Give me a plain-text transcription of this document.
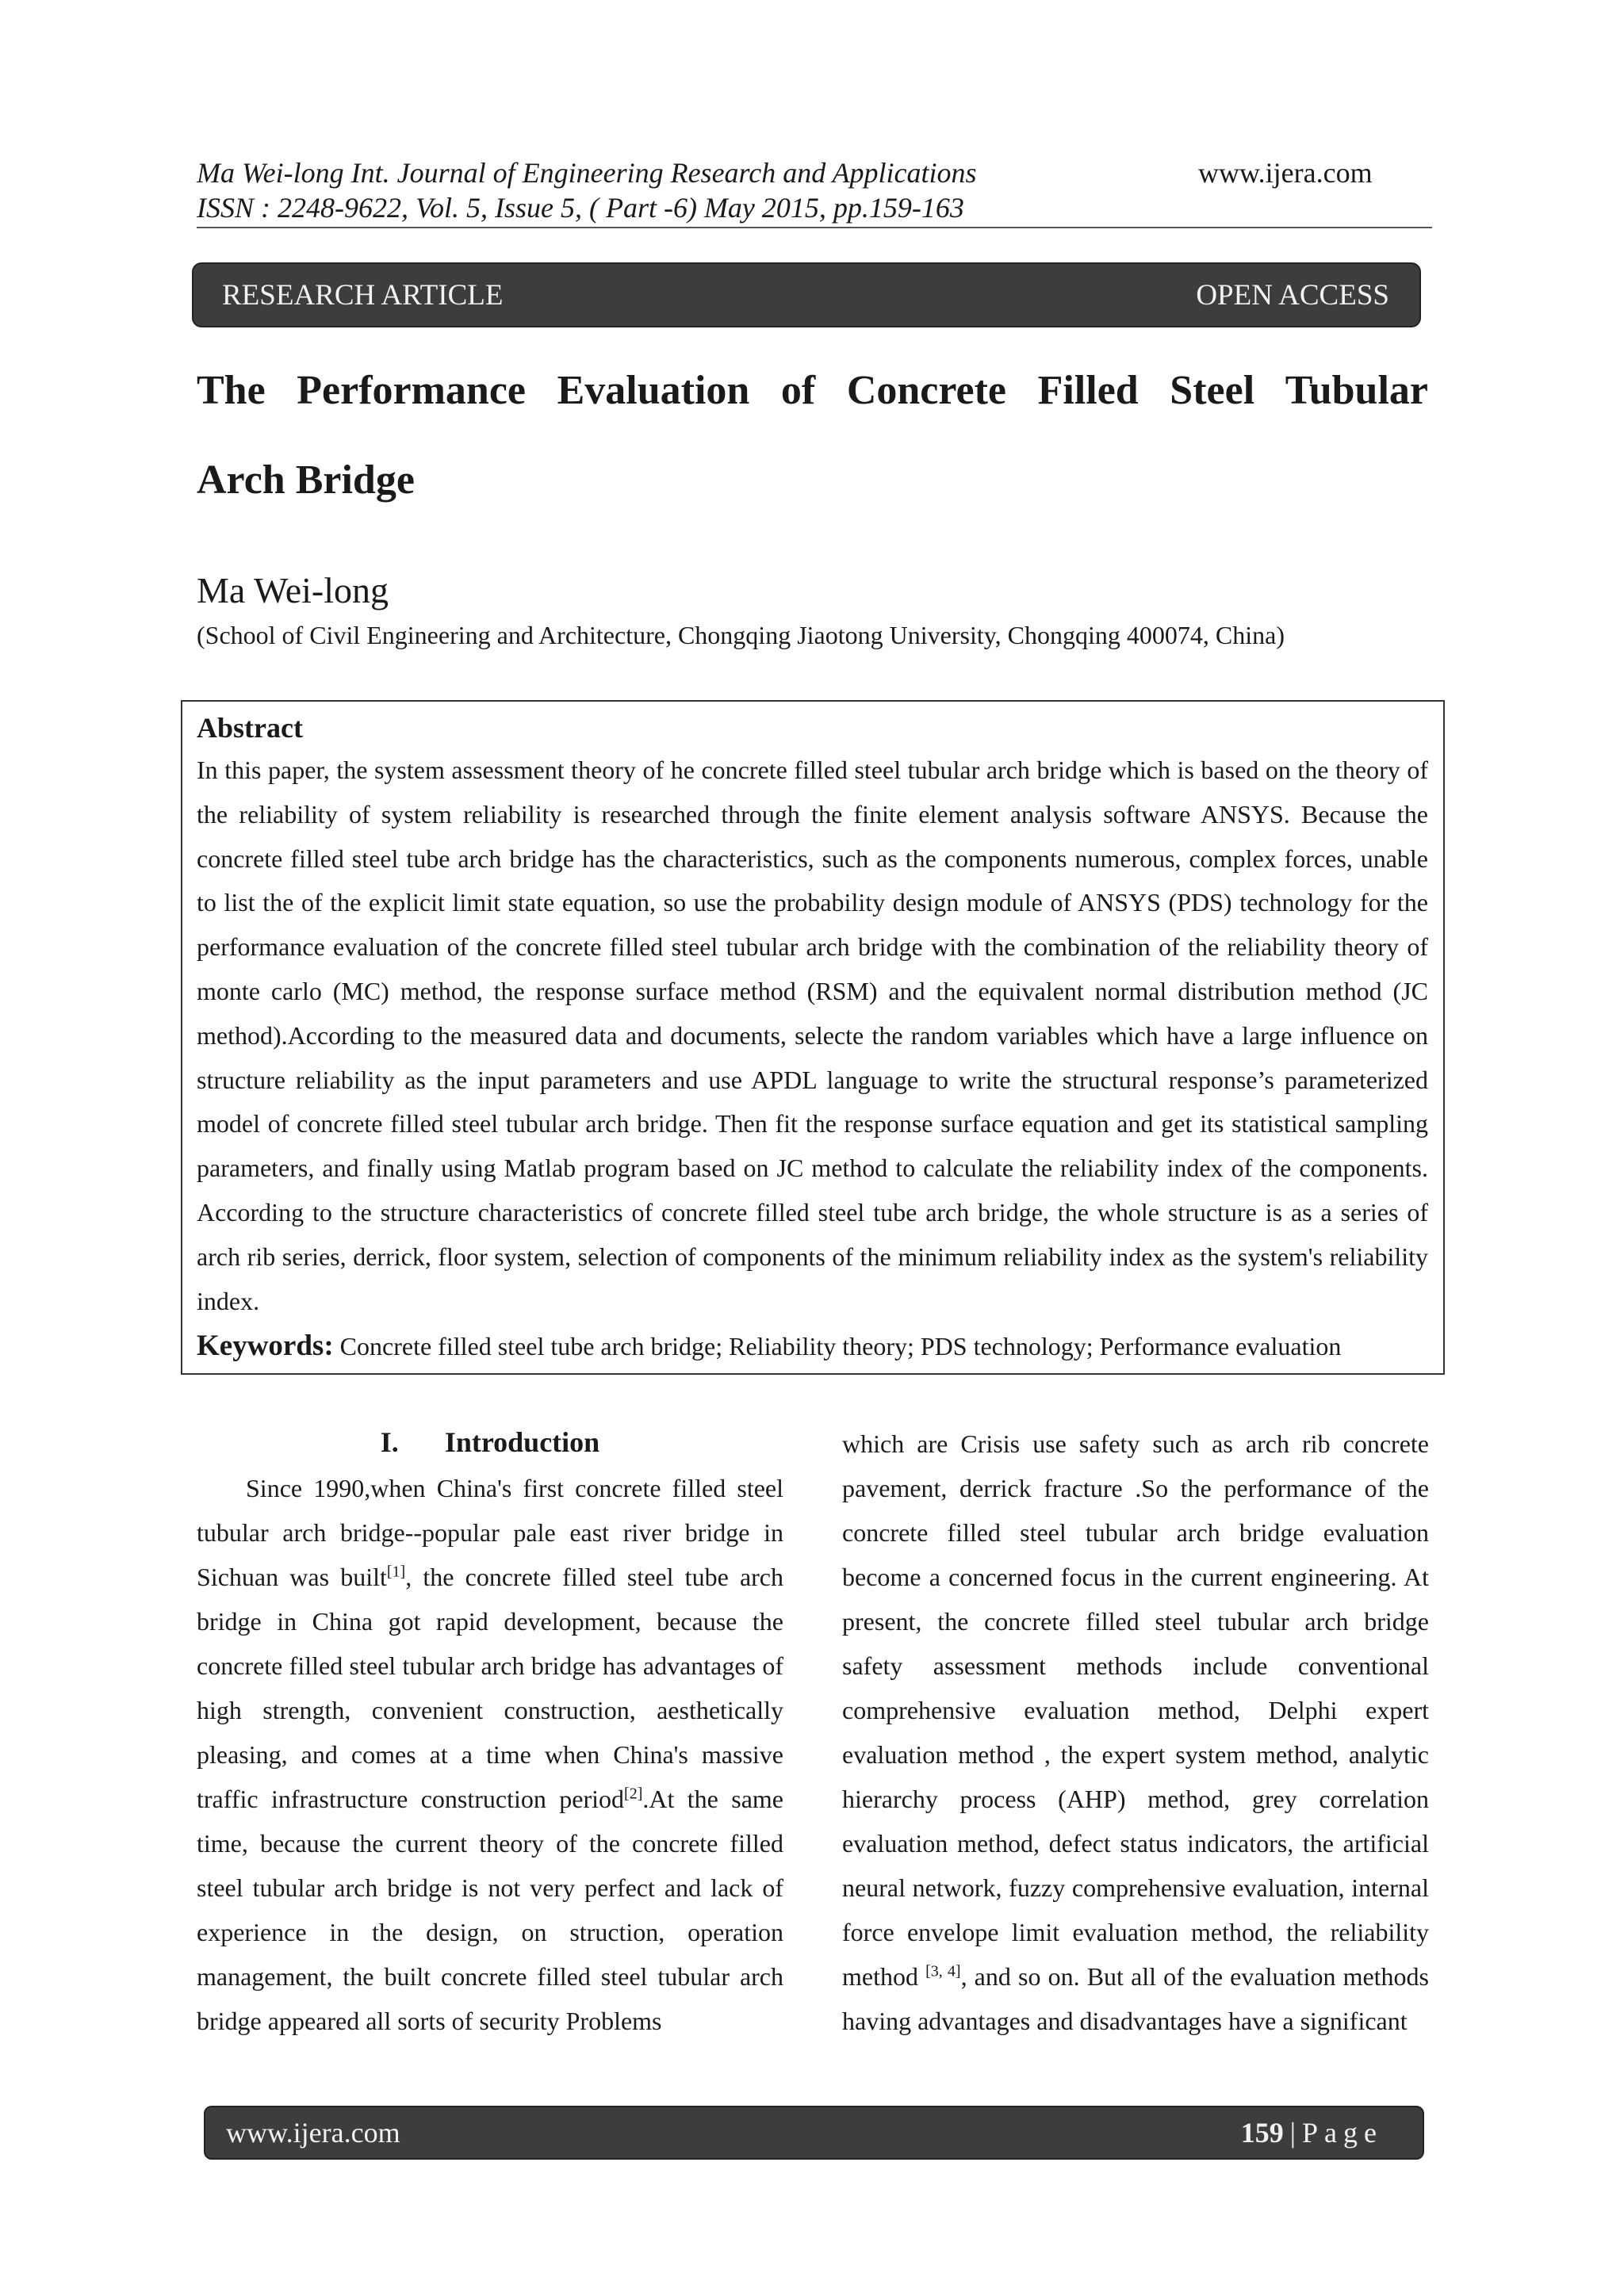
Ma Wei-long Int. Journal of Engineering Research and Applications
ISSN : 2248-9622, Vol. 5, Issue 5, ( Part -6) May 2015, pp.159-163
www.ijera.com
RESEARCH ARTICLE	OPEN ACCESS
The Performance Evaluation of Concrete Filled Steel Tubular
Arch Bridge
Ma Wei-long
(School of Civil Engineering and Architecture, Chongqing Jiaotong University, Chongqing 400074, China)
Abstract

In this paper, the system assessment theory of he concrete filled steel tubular arch bridge which is based on the theory of the reliability of system reliability is researched through the finite element analysis software ANSYS. Because the concrete filled steel tube arch bridge has the characteristics, such as the components numerous, complex forces, unable to list the of the explicit limit state equation, so use the probability design module of ANSYS (PDS) technology for the performance evaluation of the concrete filled steel tubular arch bridge with the combination of the reliability theory of monte carlo (MC) method, the response surface method (RSM) and the equivalent normal distribution method (JC method).According to the measured data and documents, selecte the random variables which have a large influence on structure reliability as the input parameters and use APDL language to write the structural response’s parameterized model of concrete filled steel tubular arch bridge. Then fit the response surface equation and get its statistical sampling parameters, and finally using Matlab program based on JC method to calculate the reliability index of the components. According to the structure characteristics of concrete filled steel tube arch bridge, the whole structure is as a series of arch rib series, derrick, floor system, selection of components of the minimum reliability index as the system's reliability index.

Keywords: Concrete filled steel tube arch bridge; Reliability theory; PDS technology; Performance evaluation
I. Introduction

Since 1990,when China's first concrete filled steel tubular arch bridge--popular pale east river bridge in Sichuan was built[1], the concrete filled steel tube arch bridge in China got rapid development, because the concrete filled steel tubular arch bridge has advantages of high strength, convenient construction, aesthetically pleasing, and comes at a time when China's massive traffic infrastructure construction period[2].At the same time, because the current theory of the concrete filled steel tubular arch bridge is not very perfect and lack of experience in the design, on struction, operation management, the built concrete filled steel tubular arch bridge appeared all sorts of security Problems

which are Crisis use safety such as arch rib concrete pavement, derrick fracture .So the performance of the concrete filled steel tubular arch bridge evaluation become a concerned focus in the current engineering. At present, the concrete filled steel tubular arch bridge safety assessment methods include conventional comprehensive evaluation method, Delphi expert evaluation method , the expert system method, analytic hierarchy process (AHP) method, grey correlation evaluation method, defect status indicators, the artificial neural network, fuzzy comprehensive evaluation, internal force envelope limit evaluation method, the reliability method [3, 4], and so on. But all of the evaluation methods having advantages and disadvantages have a significant

www.ijera.com	159 | Page
